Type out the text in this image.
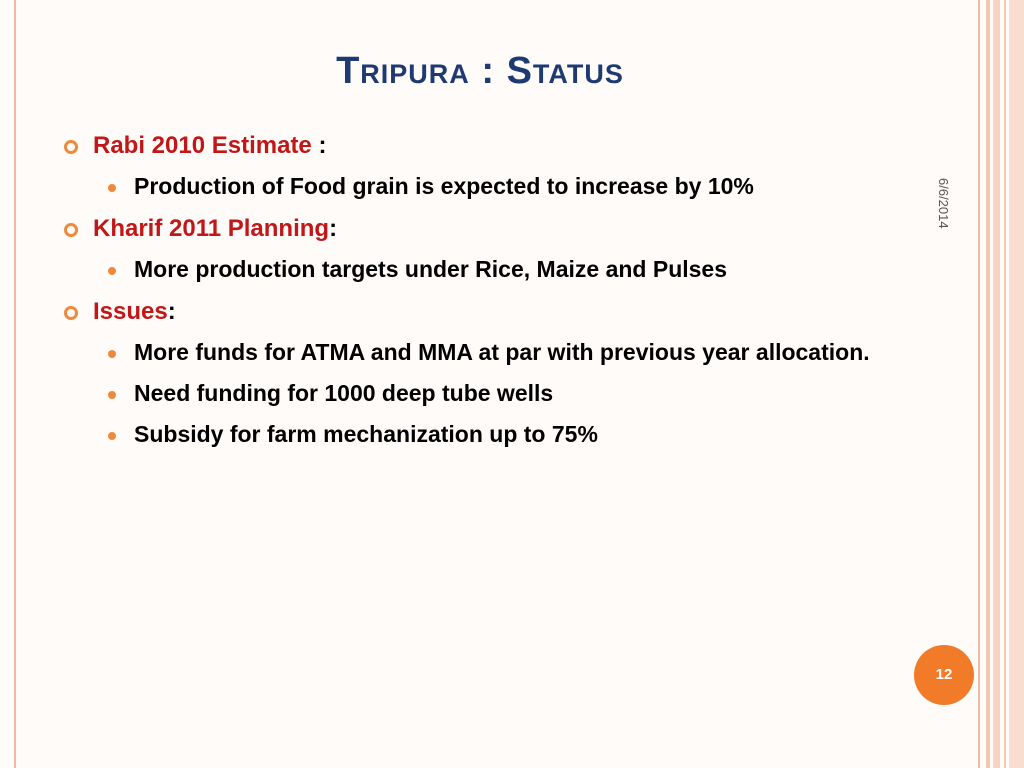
Tripura : Status
Rabi 2010 Estimate :
Production of Food grain is expected to increase by 10%
Kharif 2011 Planning:
More production targets under Rice, Maize and Pulses
Issues:
More funds for ATMA and MMA at par with previous year allocation.
Need funding for 1000 deep tube wells
Subsidy for farm mechanization up to 75%
6/6/2014
12
